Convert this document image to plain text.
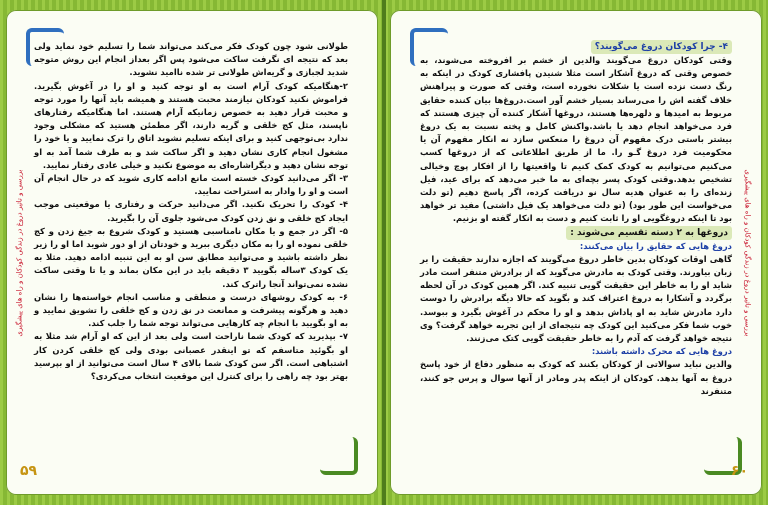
بررسی و تاثیر دروغ در زندگی کودکان و راه های پیشگیری

طولانی شود چون کودک فکر می‌کند می‌تواند شما را تسلیم خود نماید ولی بعد که نتیجه ای نگرفت ساکت می‌شود پس اگر بعداز انجام این روش متوجه شدید لجبازی و گریه‌اش طولانی تر شده ناامید نشوید.

۲-هنگامیکه کودک آرام است به او توجه کنید و او را در آغوش بگیرید. فراموش نکنید کودکان نیازمند محبت هستند و همیشه باید آنها را مورد توجه و محبت قرار دهید به خصوص زمانیکه آرام هستند. اما هنگامیکه رفتارهای ناپسند، مثل کج خلقی و گریه دارند، اگر مطمئن هستید که مشکلی وجود ندارد بی‌توجهی کنید و برای اینکه تسلیم نشوید اتاق را ترک نمایید و یا خود را مشغول انجام کاری نشان دهید و اگر ساکت شد و به طرف شما آمد به او توجه نشان دهید و دیگراشاره‌ای به موضوع نکنید و خیلی عادی رفتار نمایید.

۳- اگر می‌دانید کودک خسته است مانع ادامه کاری شوید که در حال انجام آن است و او را وادار به استراحت نمایید.

۴- کودک را تحریک نکنید. اگر می‌دانید حرکت و رفتاری یا موقعیتی موجب ایجاد کج خلقی و نق زدن کودک می‌شود جلوی آن را بگیرید.

۵- اگر در جمع و یا مکان نامناسبی هستید و کودک شروع به جیغ زدن و کج خلقی نموده او را به مکان دیگری ببرید و خودتان از او دور شوید اما او را زیر نظر داشته باشید و می‌توانید مطابق سن او به این تنبیه ادامه دهید. مثلا به یک کودک ۳ساله بگویید ۳ دقیقه باید در این مکان بماند و یا تا وقتی ساکت نشده نمی‌تواند آنجا راترک کند.

۶- به کودک روشهای درست و منطقی و مناسب انجام خواسته‌ها را نشان دهید و هرگونه پیشرفت و ممانعت در نق زدن و کج خلقی را تشویق نمایید و به او بگویید با انجام چه کارهایی می‌تواند توجه شما را جلب کند.

۷- بپذیرید که کودک شما ناراحت است ولی بعد از این که او آرام شد مثلا به او بگوئید متاسفم که تو اینقدر عصبانی بودی ولی کج خلقی کردن کار اشتباهی است. اگر سن کودک شما بالای ۴ سال است می‌توانید از او بپرسید بهتر بود چه راهی را برای کنترل این موقعیت انتخاب می‌کردی؟

۵۹
بررسی و تاثیر دروغ در زندگی کودکان و راه های پیشگیری

۴- چرا کودکان دروغ می‌گویند؟

وقتی کودکان دروغ می‌گویند والدین از خشم بر افروخته می‌شوند، به خصوص وقتی که دروغ آشکار است مثلا شنیدن پافشاری کودک در اینکه به رنگ دست نزده است یا شکلات نخورده است، وقتی که صورت و پیراهنش خلاف گفته اش را می‌رساند بسیار خشم آور است.دروغ‌ها بیان کننده حقایق مربوط به امیدها و دلهره‌ها هستند، دروغها آشکار کننده آن چیزی هستند که فرد می‌خواهد انجام دهد یا باشد.واکنش کامل و پخته نسبت به یک دروغ بیشتر باستی درک مفهوم آن دروغ را منعکس سازد نه انکار مفهوم آن یا محکومیت فرد دروغ گـو را. ما از طریق اطلاعاتی که از دروغها کسب می‌کنیم می‌توانیم به کودک کمک کنیم تا واقعیتها را از افکار پوچ وخیالی تشخیص بدهد.وقتی کودک پسر بچه‌ای به ما خبر می‌دهد که برای عید، فیل زنده‌ای را به عنوان هدیه سال نو دریافت کرده، اگر پاسخ دهیم (تو دلت می‌خواست این طور بود) (تو دلت می‌خواهد یک فیل داشتی) مفید تر خواهد بود تا اینکه دروغگویی او را ثابت کنیم و دست به انکار گفته او بزنیم.

دروغها به ۲ دسته تقسیم می‌شوند :

دروغ هایی که حقایق را بیان می‌کنند:

گاهی اوقات کودکان بدین خاطر دروغ می‌گویند که اجازه ندارند حقیقت را بر زبان بیاورند. وقتی کودک به مادرش می‌گوید که از برادرش متنفر است مادر شاید او را به خاطر این حقیقت گویی تنبیه کند. اگر همین کودک در آن لحظه برگردد و آشکارا به دروغ اعتراف کند و بگوید که حالا دیگه برادرش را دوست دارد مادرش شاید به او پاداش بدهد و او را محکم در آغوش بگیرد و ببوسد. خوب شما فکر می‌کنید این کودک چه نتیجه‌ای از این تجربه خواهد گرفت؟ وی نتیجه خواهد گرفت که آدم را به خاطر حقیقت گویی کتک می‌زنند.

دروغ هایی که محرک داشته باشند:

والدین نباید سوالاتی از کودکان بکنند که کودک به منظور دفاع از خود پاسخ دروغ به آنها بدهد. کودکان از اینکه پدر ومادر از آنها سوال و پرس جو کنند، متنفرند

۶۰
